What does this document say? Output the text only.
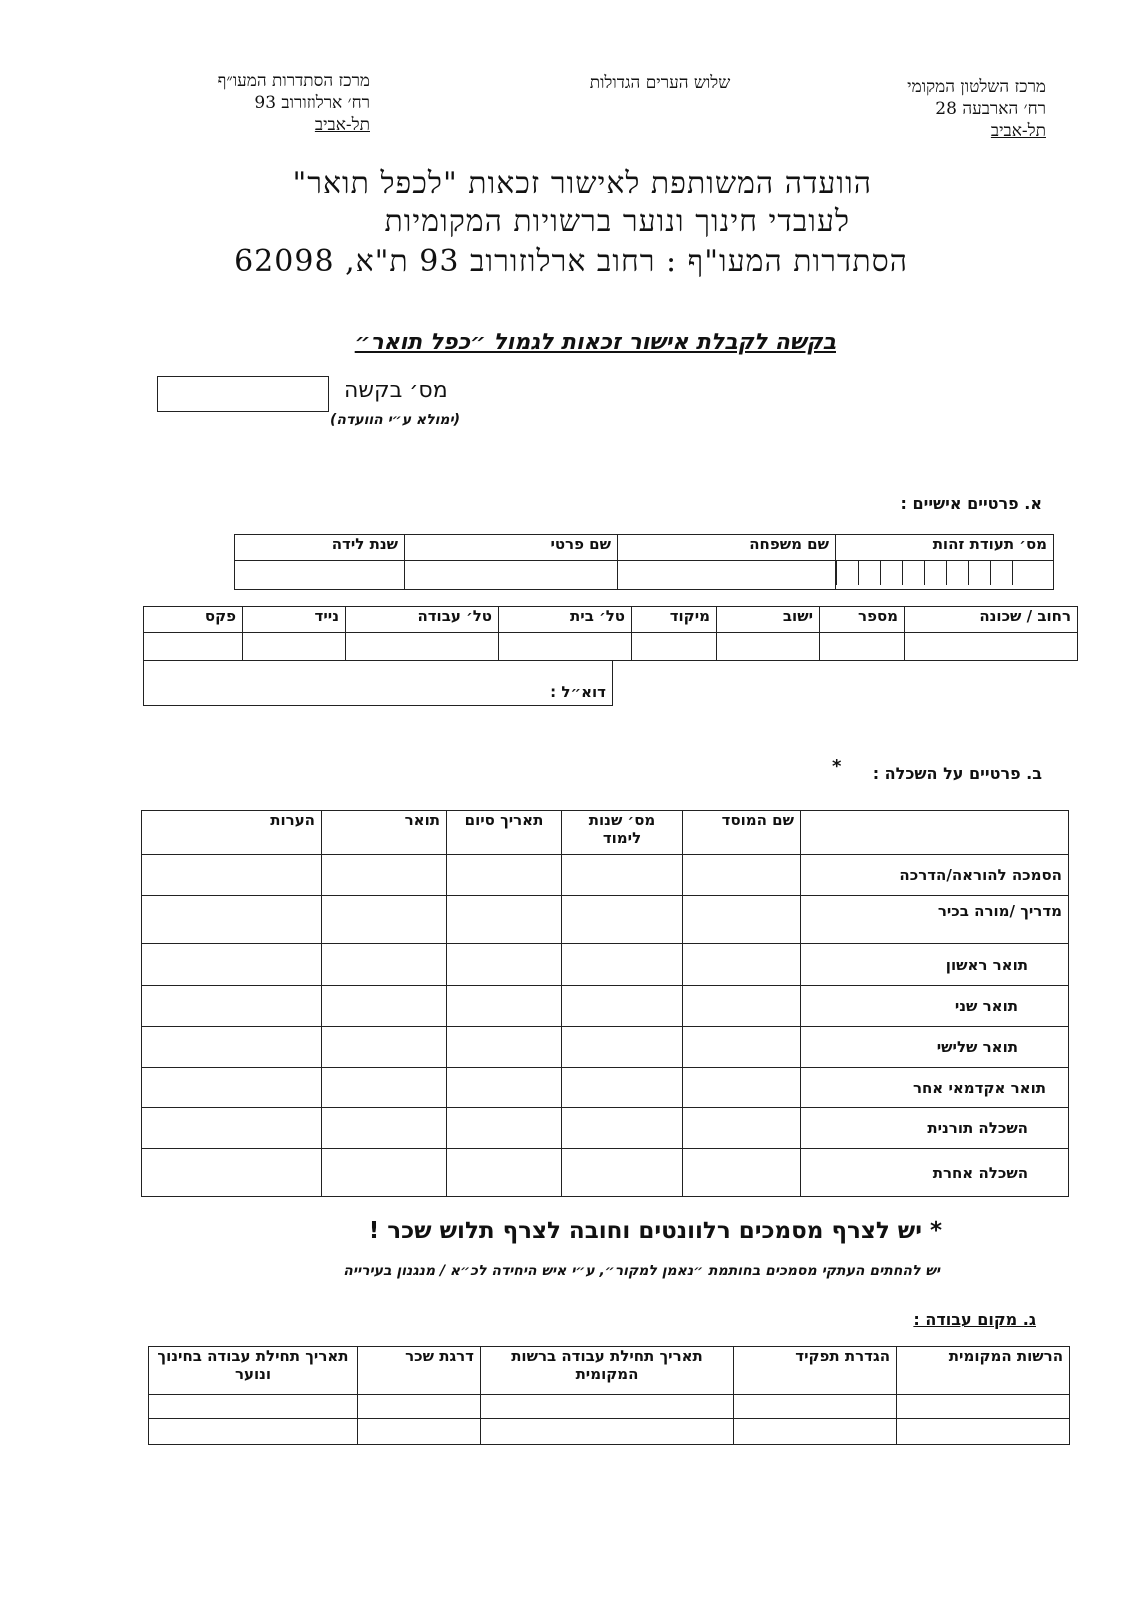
מרכז השלטון המקומי
רח׳ הארבעה 28
תל-אביב
שלוש הערים הגדולות
מרכז הסתדרות המעו״ף
רח׳ ארלוזורוב 93
תל-אביב
הוועדה המשותפת לאישור זכאות "לכפל תואר"
לעובדי חינוך ונוער ברשויות המקומיות
הסתדרות המעו"ף : רחוב ארלוזורוב 93 ת"א, 62098
בקשה לקבלת אישור זכאות לגמול ״כפל תואר״
מס׳ בקשה
(ימולא ע״י הוועדה)
א. פרטיים אישיים :
מס׳ תעודת זהות	שם משפחה	שם פרטי	שנת לידה

רחוב / שכונה	מספר	ישוב	מיקוד	טל׳ בית	טל׳ עבודה	נייד	פקס

דוא״ל :
ב. פרטיים על השכלה :
*
	שם המוסד	מס׳ שנות לימוד	תאריך סיום	תואר	הערות
הסמכה להוראה/הדרכה					
מדריך /מורה בכיר					
תואר ראשון					
תואר שני					
תואר שלישי					
תואר אקדמאי אחר					
השכלה תורנית					
השכלה אחרת					
* יש לצרף מסמכים רלוונטים וחובה לצרף תלוש שכר !
יש להחתים העתקי מסמכים בחותמת ״נאמן למקור״, ע״י איש היחידה לכ״א / מנגנון בעירייה
ג. מקום עבודה :
הרשות המקומית	הגדרת תפקיד	תאריך תחילת עבודה ברשות המקומית	דרגת שכר	תאריך תחילת עבודה בחינוך ונוער
